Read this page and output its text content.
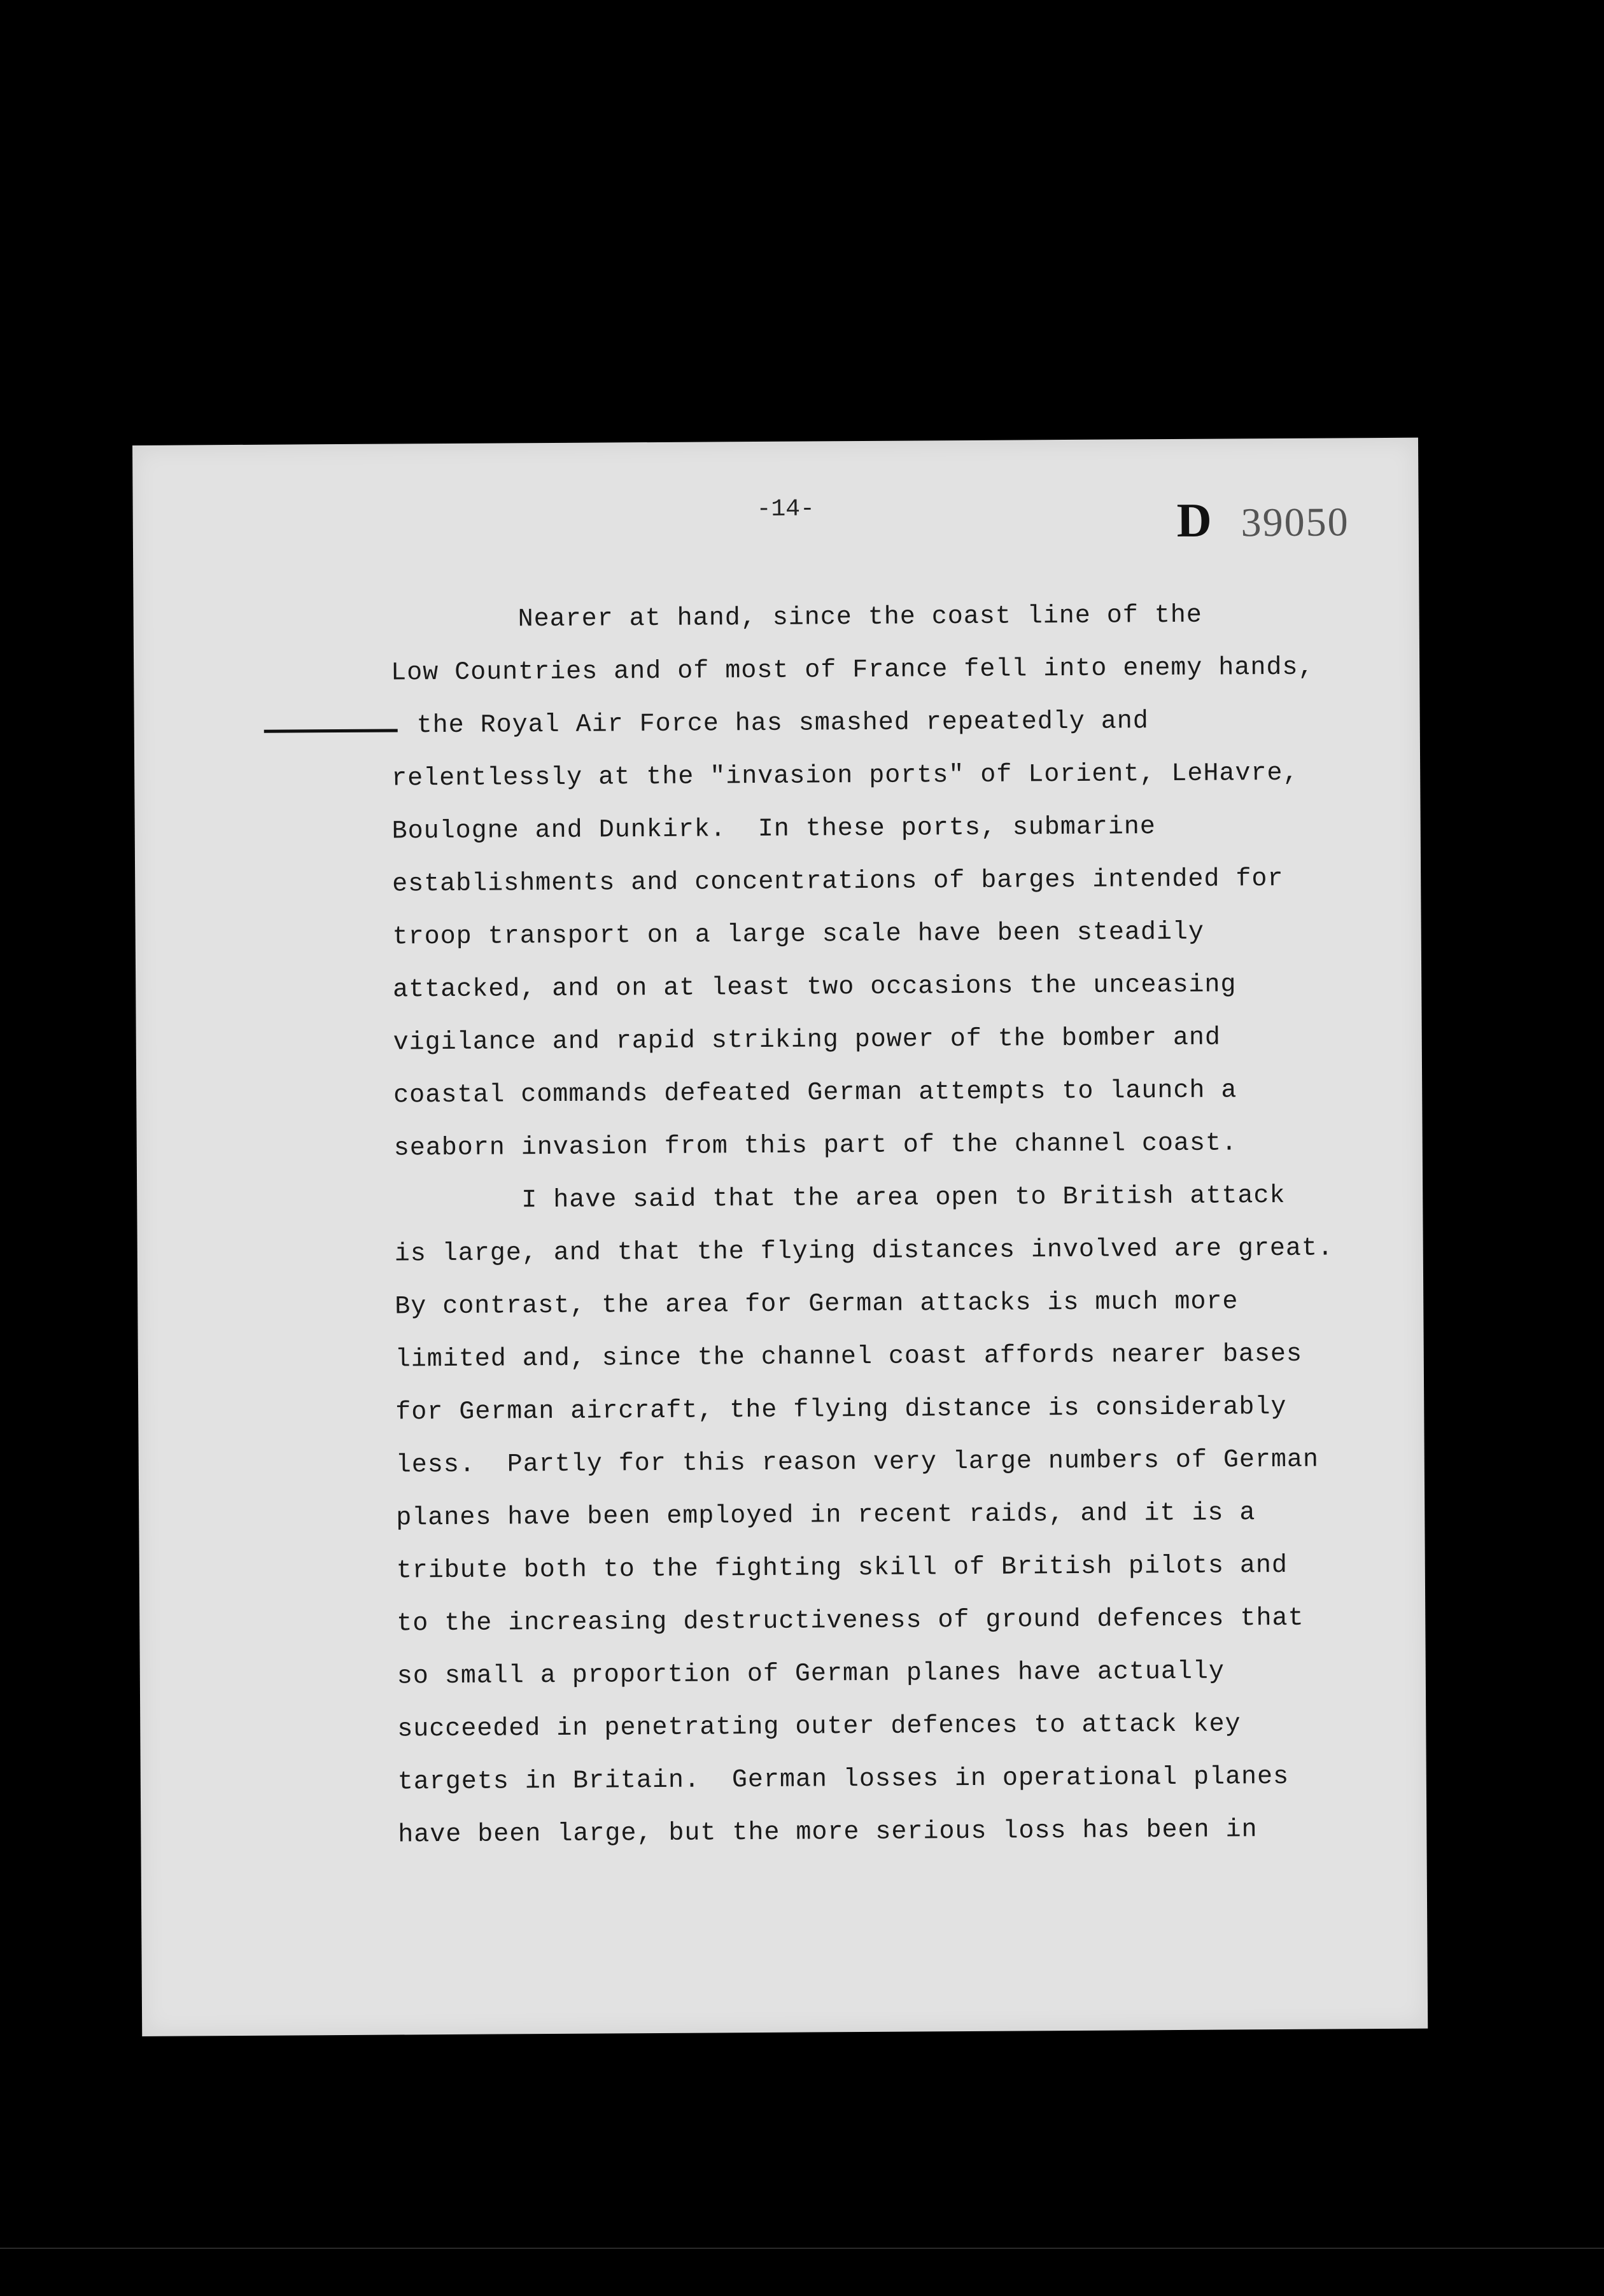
-14-	D 39050
Nearer at hand, since the coast line of the
Low Countries and of most of France fell into enemy hands,
the Royal Air Force has smashed repeatedly and
relentlessly at the "invasion ports" of Lorient, LeHavre,
Boulogne and Dunkirk.  In these ports, submarine
establishments and concentrations of barges intended for
troop transport on a large scale have been steadily
attacked, and on at least two occasions the unceasing
vigilance and rapid striking power of the bomber and
coastal commands defeated German attempts to launch a
seaborn invasion from this part of the channel coast.
I have said that the area open to British attack
is large, and that the flying distances involved are great.
By contrast, the area for German attacks is much more
limited and, since the channel coast affords nearer bases
for German aircraft, the flying distance is considerably
less.  Partly for this reason very large numbers of German
planes have been employed in recent raids, and it is a
tribute both to the fighting skill of British pilots and
to the increasing destructiveness of ground defences that
so small a proportion of German planes have actually
succeeded in penetrating outer defences to attack key
targets in Britain.  German losses in operational planes
have been large, but the more serious loss has been in
